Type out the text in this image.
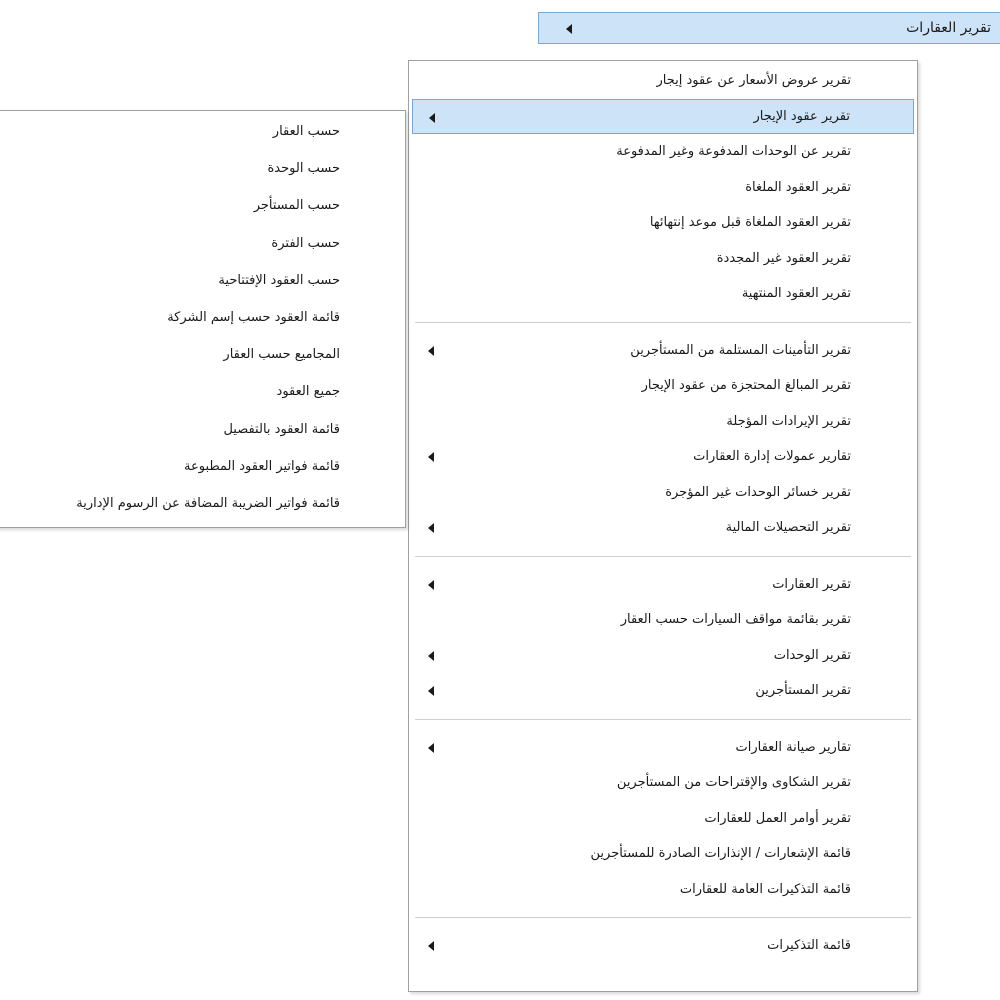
تقرير العقارات
تقرير عروض الأسعار عن عقود إيجار
تقرير عقود الإيجار
تقرير عن الوحدات المدفوعة وغير المدفوعة
تقرير العقود الملغاة
تقرير العقود الملغاة قبل موعد إنتهائها
تقرير العقود غير المجددة
تقرير العقود المنتهية
تقرير التأمينات المستلمة من المستأجرين
تقرير المبالغ المحتجزة من عقود الإيجار
تقرير الإيرادات المؤجلة
تقارير عمولات إدارة العقارات
تقرير خسائر الوحدات غير المؤجرة
تقرير التحصيلات المالية
تقرير العقارات
تقرير بقائمة مواقف السيارات حسب العقار
تقرير الوحدات
تقرير المستأجرين
تقارير صيانة العقارات
تقرير الشكاوى والإقتراحات من المستأجرين
تقرير أوامر العمل للعقارات
قائمة الإشعارات / الإنذارات الصادرة للمستأجرين
قائمة التذكيرات العامة للعقارات
قائمة التذكيرات
حسب العقار
حسب الوحدة
حسب المستأجر
حسب الفترة
حسب العقود الإفتتاحية
قائمة العقود حسب إسم الشركة
المجاميع حسب العقار
جميع العقود
قائمة العقود بالتفصيل
قائمة فواتير العقود المطبوعة
قائمة فواتير الضريبة المضافة عن الرسوم الإدارية
